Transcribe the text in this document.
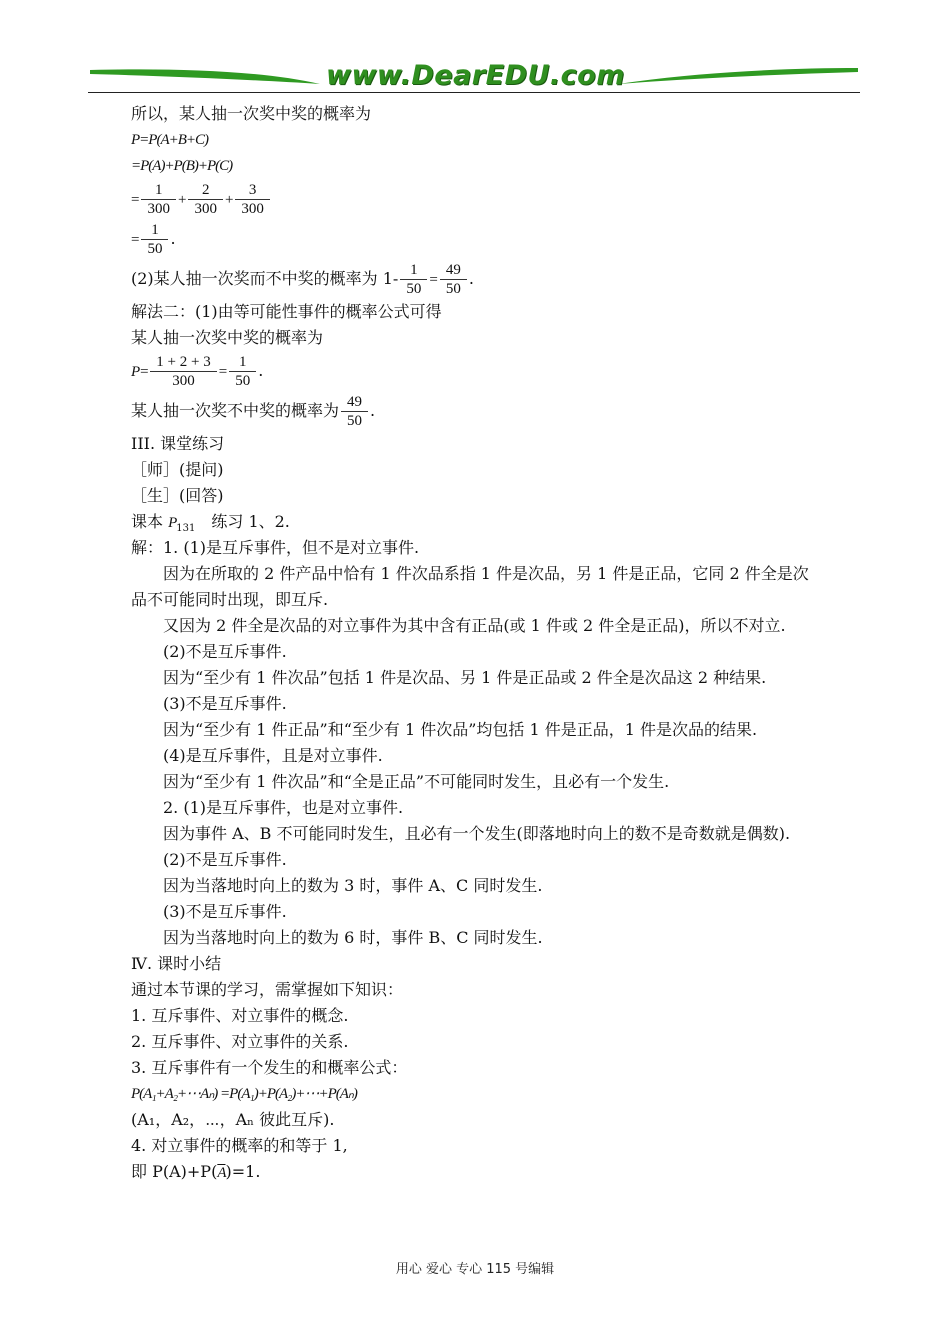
www.DearEDU.com
所以，某人抽一次奖中奖的概率为
P=P(A+B+C)
=P(A)+P(B)+P(C)
= $\frac{1}{300} + \frac{2}{300} + \frac{3}{300}$
= $\frac{1}{50}$ .
(2)某人抽一次奖而不中奖的概率为 $1- \frac{1}{50} = \frac{49}{50}$ .
解法二：(1)由等可能性事件的概率公式可得
某人抽一次奖中奖的概率为
$P= \frac{1 + 2 + 3}{300} = \frac{1}{50}$ .
某人抽一次奖不中奖的概率为 $\frac{49}{50}$ .
III. 课堂练习
［师］(提问)
［生］(回答)
课本 $P_{131}$　练习 1、2.
解：1. (1)是互斥事件，但不是对立事件.
　　因为在所取的 2 件产品中恰有 1 件次品系指 1 件是次品，另 1 件是正品，它同 2 件全是次
品不可能同时出现，即互斥.
　　又因为 2 件全是次品的对立事件为其中含有正品(或 1 件或 2 件全是正品)，所以不对立.
　　(2)不是互斥事件.
　　因为“至少有 1 件次品”包括 1 件是次品、另 1 件是正品或 2 件全是次品这 2 种结果.
　　(3)不是互斥事件.
　　因为“至少有 1 件正品”和“至少有 1 件次品”均包括 1 件是正品，1 件是次品的结果.
　　(4)是互斥事件，且是对立事件.
　　因为“至少有 1 件次品”和“全是正品”不可能同时发生，且必有一个发生.
　　2. (1)是互斥事件，也是对立事件.
　　因为事件 A、B 不可能同时发生，且必有一个发生(即落地时向上的数不是奇数就是偶数).
　　(2)不是互斥事件.
　　因为当落地时向上的数为 3 时，事件 A、C 同时发生.
　　(3)不是互斥事件.
　　因为当落地时向上的数为 6 时，事件 B、C 同时发生.
Ⅳ. 课时小结
通过本节课的学习，需掌握如下知识：
1. 互斥事件、对立事件的概念.
2. 互斥事件、对立事件的关系.
3. 互斥事件有一个发生的和概率公式：
P(A₁+A₂+⋯Aₙ) =P(A₁)+P(A₂)+⋯+P(Aₙ)
(A₁，A₂，⋯，Aₙ 彼此互斥).
4. 对立事件的概率的和等于 1,
即 $P(A)+P(\overline{A})=1$.
用心 爱心 专心 115 号编辑
